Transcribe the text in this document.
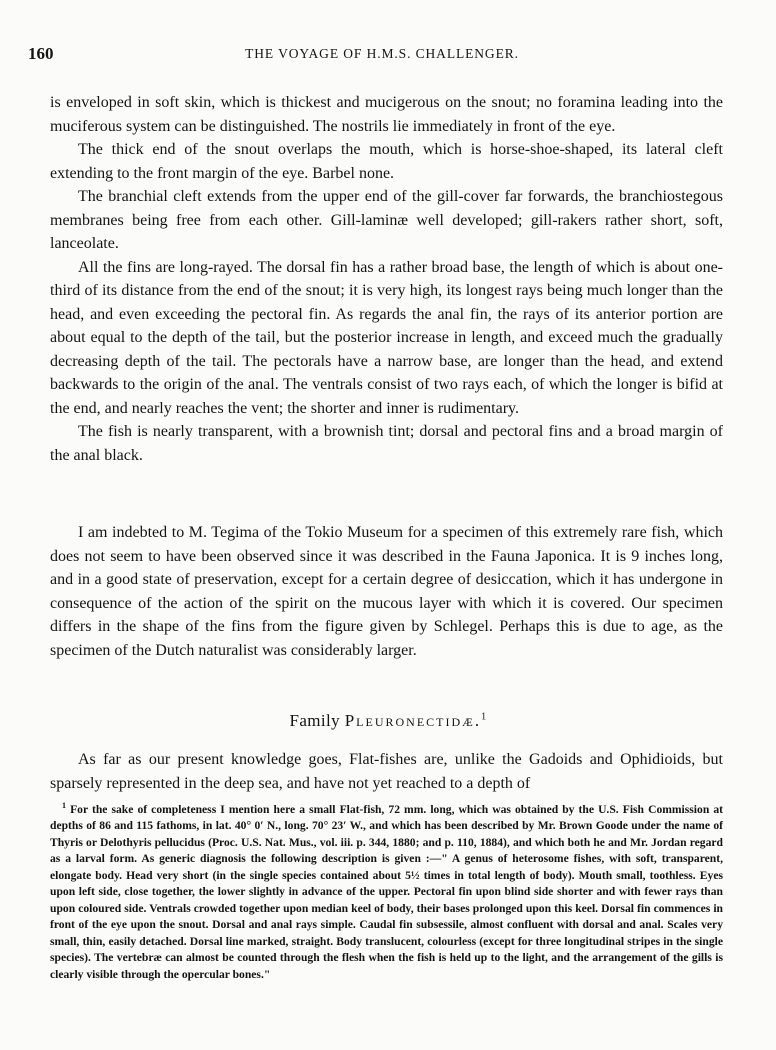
160	THE VOYAGE OF H.M.S. CHALLENGER.

is enveloped in soft skin, which is thickest and mucigerous on the snout; no foramina leading into the muciferous system can be distinguished. The nostrils lie immediately in front of the eye.

The thick end of the snout overlaps the mouth, which is horse-shoe-shaped, its lateral cleft extending to the front margin of the eye. Barbel none.

The branchial cleft extends from the upper end of the gill-cover far forwards, the branchiostegous membranes being free from each other. Gill-laminæ well developed; gill-rakers rather short, soft, lanceolate.

All the fins are long-rayed. The dorsal fin has a rather broad base, the length of which is about one-third of its distance from the end of the snout; it is very high, its longest rays being much longer than the head, and even exceeding the pectoral fin. As regards the anal fin, the rays of its anterior portion are about equal to the depth of the tail, but the posterior increase in length, and exceed much the gradually decreasing depth of the tail. The pectorals have a narrow base, are longer than the head, and extend backwards to the origin of the anal. The ventrals consist of two rays each, of which the longer is bifid at the end, and nearly reaches the vent; the shorter and inner is rudimentary.

The fish is nearly transparent, with a brownish tint; dorsal and pectoral fins and a broad margin of the anal black.

I am indebted to M. Tegima of the Tokio Museum for a specimen of this extremely rare fish, which does not seem to have been observed since it was described in the Fauna Japonica. It is 9 inches long, and in a good state of preservation, except for a certain degree of desiccation, which it has undergone in consequence of the action of the spirit on the mucous layer with which it is covered. Our specimen differs in the shape of the fins from the figure given by Schlegel. Perhaps this is due to age, as the specimen of the Dutch naturalist was considerably larger.

Family Pleuronectidæ.$^1$

As far as our present knowledge goes, Flat-fishes are, unlike the Gadoids and Ophidioids, but sparsely represented in the deep sea, and have not yet reached to a depth of

$^1$ For the sake of completeness I mention here a small Flat-fish, 72 mm. long, which was obtained by the U.S. Fish Commission at depths of 86 and 115 fathoms, in lat. 40° 0′ N., long. 70° 23′ W., and which has been described by Mr. Brown Goode under the name of Thyris or Delothyris pellucidus (Proc. U.S. Nat. Mus., vol. iii. p. 344, 1880; and p. 110, 1884), and which both he and Mr. Jordan regard as a larval form. As generic diagnosis the following description is given :—" A genus of heterosome fishes, with soft, transparent, elongate body. Head very short (in the single species contained about 5½ times in total length of body). Mouth small, toothless. Eyes upon left side, close together, the lower slightly in advance of the upper. Pectoral fin upon blind side shorter and with fewer rays than upon coloured side. Ventrals crowded together upon median keel of body, their bases prolonged upon this keel. Dorsal fin commences in front of the eye upon the snout. Dorsal and anal rays simple. Caudal fin subsessile, almost confluent with dorsal and anal. Scales very small, thin, easily detached. Dorsal line marked, straight. Body translucent, colourless (except for three longitudinal stripes in the single species). The vertebræ can almost be counted through the flesh when the fish is held up to the light, and the arrangement of the gills is clearly visible through the opercular bones."
